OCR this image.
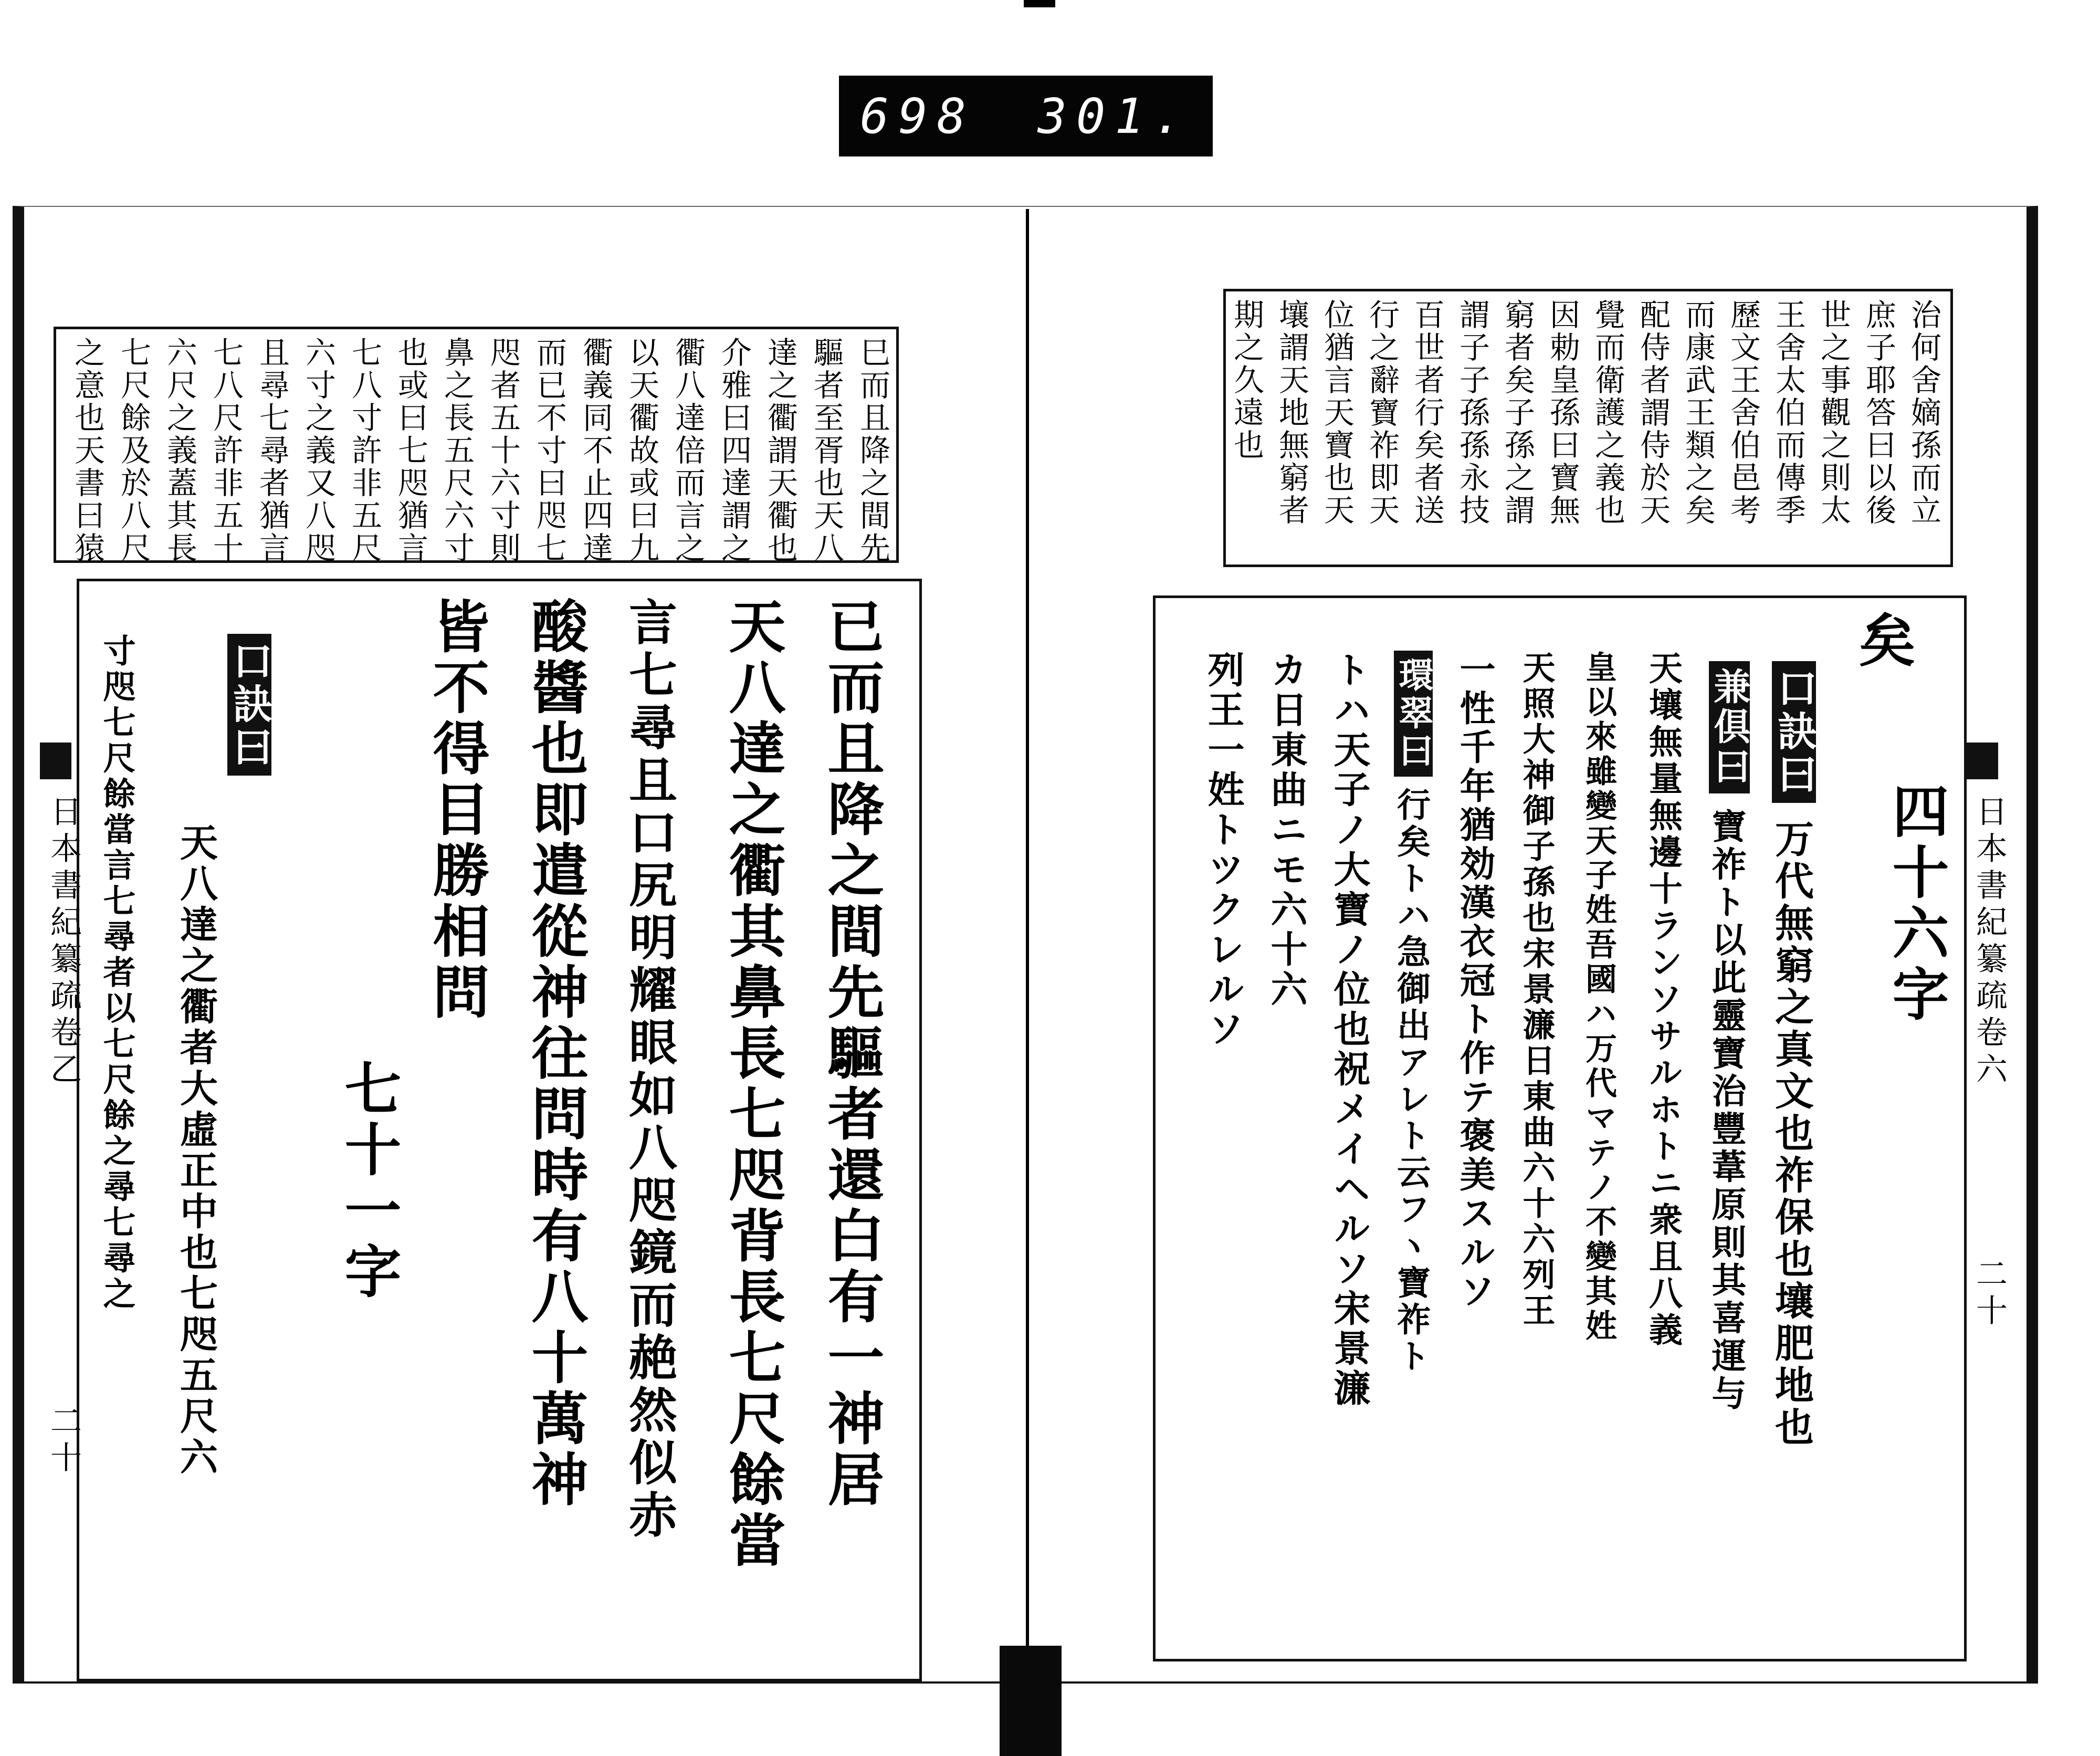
698 301.
日本書紀纂疏卷乙
二十
巳而且降之間先
驅者至胥也天八
達之衢謂天衢也
介雅曰四達謂之
衢八達倍而言之
以天衢故或曰九
衢義同不止四達
而已不寸曰咫七
咫者五十六寸則
鼻之長五尺六寸
也或曰七咫猶言
七八寸許非五尺
六寸之義又八咫
且尋七尋者猶言
七八尺許非五十
六尺之義蓋其長
七尺餘及於八尺
之意也天書曰猿
已而且降之間先驅者還白有一神居
天八達之衢其鼻長七咫背長七尺餘當
言七尋且口尻明耀眼如八咫鏡而赩然似赤
酸醬也即遣從神往問時有八十萬神
皆不得目勝相問
七十一字
口訣曰
天八達之衢者大虛正中也七咫五尺六
寸咫七尺餘當言七尋者以七尺餘之尋七尋之	日本書紀纂疏卷六
二十
治何舍嫡孫而立
庶子耶答曰以後
世之事觀之則太
王舍太伯而傳季
歷文王舍伯邑考
而康武王類之矣
配侍者謂侍於天
覺而衛護之義也
因勅皇孫曰寶無
窮者矣子孫之謂
謂子子孫孫永技
百世者行矣者送
行之辭寶祚即天
位猶言天寶也天
壤謂天地無窮者
期之久遠也
矣
四十六字
口訣曰
万代無窮之真文也祚保也壤肥地也
兼俱曰
寶祚ト以此靈寶治豐葦原則其喜運与
天壤無量無邊十ランソサルホトニ衆且八義
皇以來雖變天子姓吾國ハ万代マテノ不變其姓
天照大神御子孫也宋景濂日東曲六十六列王
一性千年猶効漢衣冠ト作テ褒美スルソ
環翠曰
行矣トハ急御出アレト云フヽ寶祚ト
トハ天子ノ大寶ノ位也祝メイヘルソ宋景濂
カ日東曲ニモ六十六
列王一姓トツクレルソ
